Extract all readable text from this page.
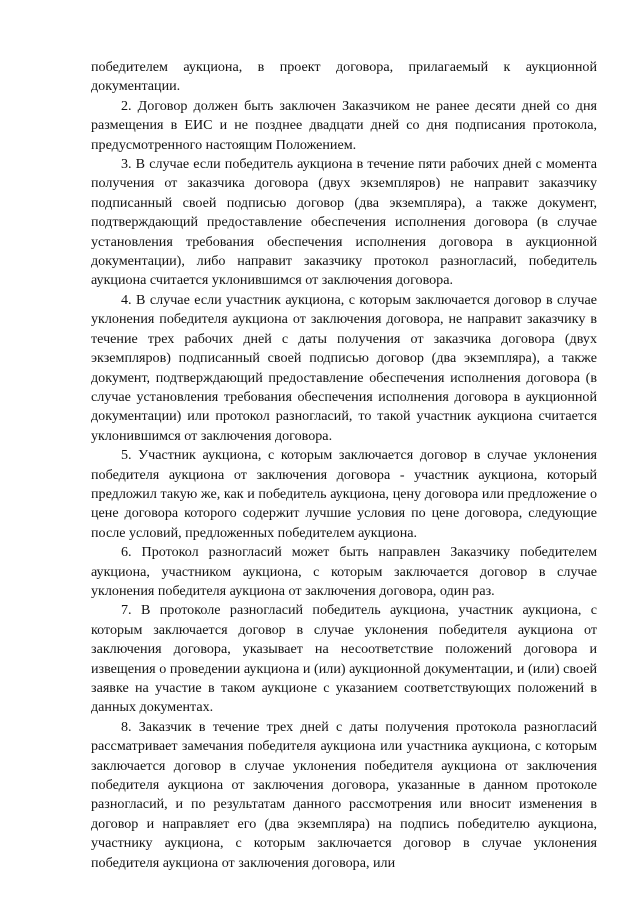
победителем аукциона, в проект договора, прилагаемый к аукционной документации.

2. Договор должен быть заключен Заказчиком не ранее десяти дней со дня размещения в ЕИС и не позднее двадцати дней со дня подписания протокола, предусмотренного настоящим Положением.

3. В случае если победитель аукциона в течение пяти рабочих дней с момента получения от заказчика договора (двух экземпляров) не направит заказчику подписанный своей подписью договор (два экземпляра), а также документ, подтверждающий предоставление обеспечения исполнения договора (в случае установления требования обеспечения исполнения договора в аукционной документации), либо направит заказчику протокол разногласий, победитель аукциона считается уклонившимся от заключения договора.

4. В случае если участник аукциона, с которым заключается договор в случае уклонения победителя аукциона от заключения договора, не направит заказчику в течение трех рабочих дней с даты получения от заказчика договора (двух экземпляров) подписанный своей подписью договор (два экземпляра), а также документ, подтверждающий предоставление обеспечения исполнения договора (в случае установления требования обеспечения исполнения договора в аукционной документации) или протокол разногласий, то такой участник аукциона считается уклонившимся от заключения договора.

5. Участник аукциона, с которым заключается договор в случае уклонения победителя аукциона от заключения договора - участник аукциона, который предложил такую же, как и победитель аукциона, цену договора или предложение о цене договора которого содержит лучшие условия по цене договора, следующие после условий, предложенных победителем аукциона.

6. Протокол разногласий может быть направлен Заказчику победителем аукциона, участником аукциона, с которым заключается договор в случае уклонения победителя аукциона от заключения договора, один раз.

7. В протоколе разногласий победитель аукциона, участник аукциона, с которым заключается договор в случае уклонения победителя аукциона от заключения договора, указывает на несоответствие положений договора и извещения о проведении аукциона и (или) аукционной документации, и (или) своей заявке на участие в таком аукционе с указанием соответствующих положений в данных документах.

8. Заказчик в течение трех дней с даты получения протокола разногласий рассматривает замечания победителя аукциона или участника аукциона, с которым заключается договор в случае уклонения победителя аукциона от заключения победителя аукциона от заключения договора, указанные в данном протоколе разногласий, и по результатам данного рассмотрения или вносит изменения в договор и направляет его (два экземпляра) на подпись победителю аукциона, участнику аукциона, с которым заключается договор в случае уклонения победителя аукциона от заключения договора, или
